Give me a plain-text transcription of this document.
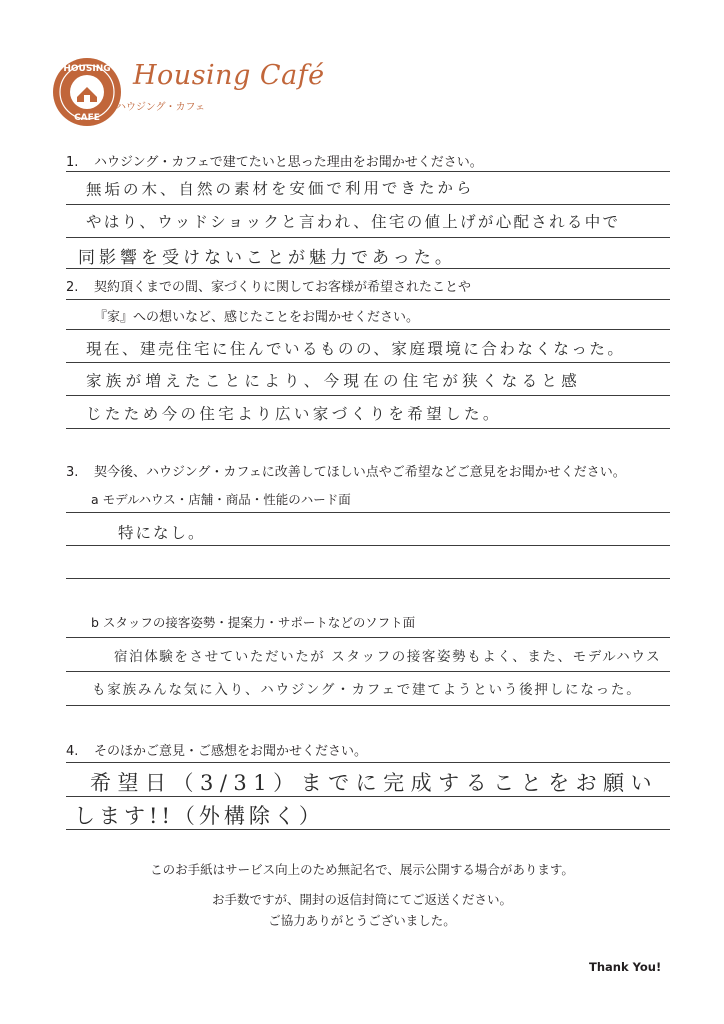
HOUSING
CAFE
Housing Café
ハウジング・カフェ
1. ハウジング・カフェで建てたいと思った理由をお聞かせください。
無垢の木、自然の素材を安価で利用できたから
やはり、ウッドショックと言われ、住宅の値上げが心配される中で
同影響を受けないことが魅力であった。
2. 契約頂くまでの間、家づくりに関してお客様が希望されたことや
『家』への想いなど、感じたことをお聞かせください。
現在、建売住宅に住んでいるものの、家庭環境に合わなくなった。
家族が増えたことにより、今現在の住宅が狭くなると感
じたため今の住宅より広い家づくりを希望した。
3. 契今後、ハウジング・カフェに改善してほしい点やご希望などご意見をお聞かせください。
a モデルハウス・店舗・商品・性能のハード面
特になし。
b スタッフの接客姿勢・提案力・サポートなどのソフト面
宿泊体験をさせていただいたが スタッフの接客姿勢もよく、また、モデルハウス
も家族みんな気に入り、ハウジング・カフェで建てようという後押しになった。
4. そのほかご意見・ご感想をお聞かせください。
希望日（3/31）までに完成することをお願い
します!!（外構除く）
このお手紙はサービス向上のため無記名で、展示公開する場合があります。
お手数ですが、開封の返信封筒にてご返送ください。
ご協力ありがとうございました。
Thank You!
